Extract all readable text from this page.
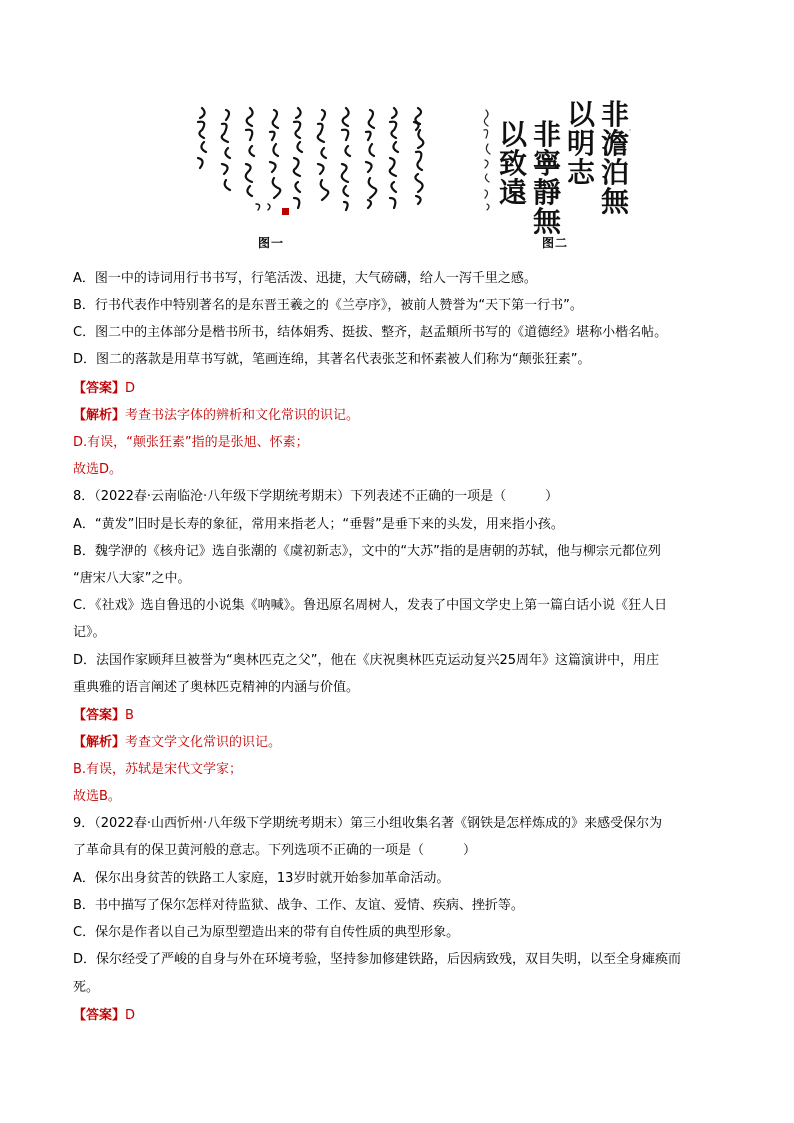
非澹泊無
以明志
非寧靜無
以致遠
图一	图二
A．图一中的诗词用行书书写，行笔活泼、迅捷，大气磅礴，给人一泻千里之感。
B．行书代表作中特别著名的是东晋王羲之的《兰亭序》，被前人赞誉为“天下第一行书”。
C．图二中的主体部分是楷书所书，结体娟秀、挺拔、整齐，赵孟頫所书写的《道德经》堪称小楷名帖。
D．图二的落款是用草书写就，笔画连绵，其著名代表张芝和怀素被人们称为“颠张狂素”。
【答案】D
【解析】考查书法字体的辨析和文化常识的识记。
D.有误，“颠张狂素”指的是张旭、怀素；
故选D。
8．（2022春·云南临沧·八年级下学期统考期末）下列表述不正确的一项是（　　　）
A．“黄发”旧时是长寿的象征，常用来指老人；“垂髫”是垂下来的头发，用来指小孩。
B．魏学洢的《核舟记》选自张潮的《虞初新志》，文中的“大苏”指的是唐朝的苏轼，他与柳宗元都位列
“唐宋八大家”之中。
C．《社戏》选自鲁迅的小说集《呐喊》。鲁迅原名周树人，发表了中国文学史上第一篇白话小说《狂人日
记》。
D．法国作家顾拜旦被誉为“奥林匹克之父”，他在《庆祝奥林匹克运动复兴25周年》这篇演讲中，用庄
重典雅的语言阐述了奥林匹克精神的内涵与价值。
【答案】B
【解析】考查文学文化常识的识记。
B.有误，苏轼是宋代文学家；
故选B。
9．（2022春·山西忻州·八年级下学期统考期末）第三小组收集名著《钢铁是怎样炼成的》来感受保尔为
了革命具有的保卫黄河般的意志。下列选项不正确的一项是（　　　）
A．保尔出身贫苦的铁路工人家庭，13岁时就开始参加革命活动。
B．书中描写了保尔怎样对待监狱、战争、工作、友谊、爱情、疾病、挫折等。
C．保尔是作者以自己为原型塑造出来的带有自传性质的典型形象。
D．保尔经受了严峻的自身与外在环境考验，坚持参加修建铁路，后因病致残，双目失明，以至全身瘫痪而
死。
【答案】D
